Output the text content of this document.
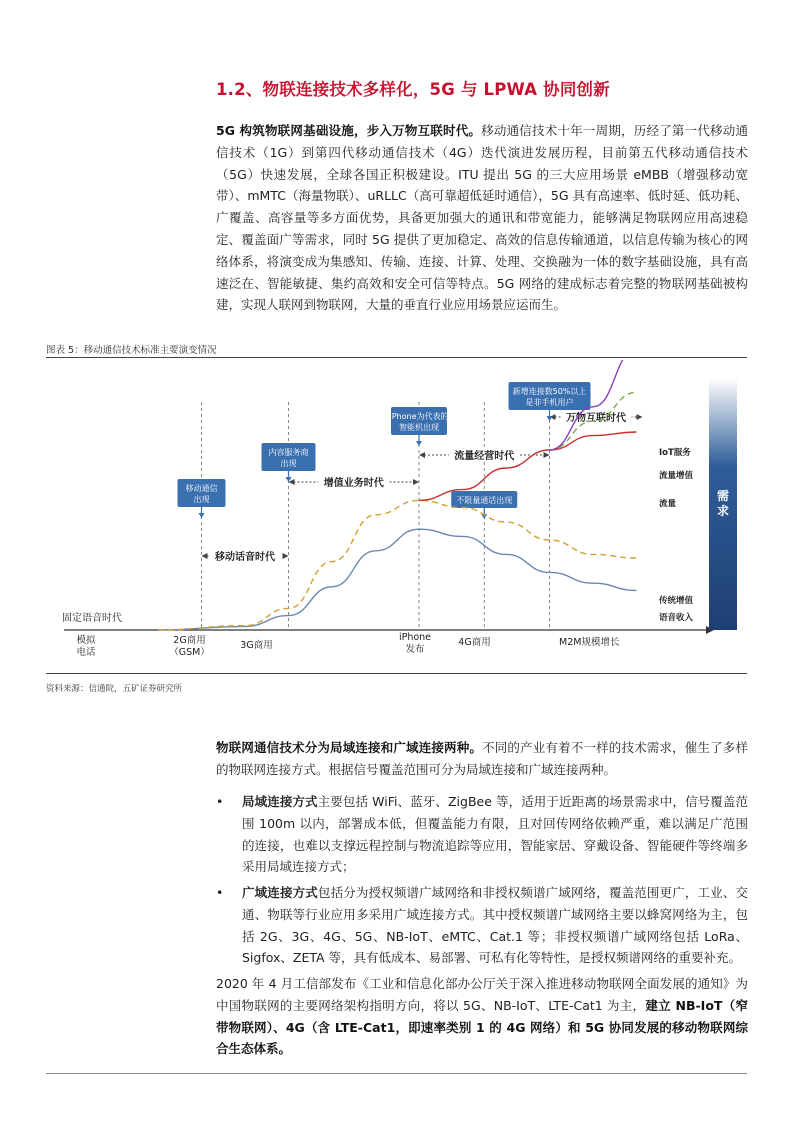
1.2、物联连接技术多样化，5G 与 LPWA 协同创新
5G 构筑物联网基础设施，步入万物互联时代。移动通信技术十年一周期，历经了第一代移动通信技术（1G）到第四代移动通信技术（4G）迭代演进发展历程，目前第五代移动通信技术（5G）快速发展，全球各国正积极建设。ITU 提出 5G 的三大应用场景 eMBB（增强移动宽带）、mMTC（海量物联）、uRLLC（高可靠超低延时通信），5G 具有高速率、低时延、低功耗、广覆盖、高容量等多方面优势，具备更加强大的通讯和带宽能力，能够满足物联网应用高速稳定、覆盖面广等需求，同时 5G 提供了更加稳定、高效的信息传输通道，以信息传输为核心的网络体系，将演变成为集感知、传输、连接、计算、处理、交换融为一体的数字基础设施，具有高速泛在、智能敏捷、集约高效和安全可信等特点。5G 网络的建成标志着完整的物联网基础被构建，实现人联网到物联网，大量的垂直行业应用场景应运而生。
图表 5：移动通信技术标准主要演变情况
模拟电话
2G商用（GSM）
3G商用
iPhone 发布
4G商用	M2M规模增长
固定语音时代
移动话音时代
增值业务时代
流量经营时代
万物互联时代
移动通信出现
内容服务商出现
iPhone为代表的智能机出现
不限量通话出现
新增连接数50%以上是非手机用户
IoT服务
流量增值
流量
传统增值
语音收入
需求
资料来源：信通院，五矿证券研究所
物联网通信技术分为局域连接和广域连接两种。不同的产业有着不一样的技术需求，催生了多样的物联网连接方式。根据信号覆盖范围可分为局域连接和广域连接两种。
• 局域连接方式主要包括 WiFi、蓝牙、ZigBee 等，适用于近距离的场景需求中，信号覆盖范围 100m 以内，部署成本低，但覆盖能力有限，且对回传网络依赖严重，难以满足广范围的连接，也难以支撑远程控制与物流追踪等应用，智能家居、穿戴设备、智能硬件等终端多采用局域连接方式；
• 广域连接方式包括分为授权频谱广域网络和非授权频谱广域网络，覆盖范围更广，工业、交通、物联等行业应用多采用广域连接方式。其中授权频谱广域网络主要以蜂窝网络为主，包括 2G、3G、4G、5G、NB-IoT、eMTC、Cat.1 等；非授权频谱广域网络包括 LoRa、Sigfox、ZETA 等，具有低成本、易部署、可私有化等特性，是授权频谱网络的重要补充。
2020 年 4 月工信部发布《工业和信息化部办公厅关于深入推进移动物联网全面发展的通知》为中国物联网的主要网络架构指明方向，将以 5G、NB-IoT、LTE-Cat1 为主，建立 NB-IoT（窄带物联网）、4G（含 LTE-Cat1，即速率类别 1 的 4G 网络）和 5G 协同发展的移动物联网综合生态体系。
